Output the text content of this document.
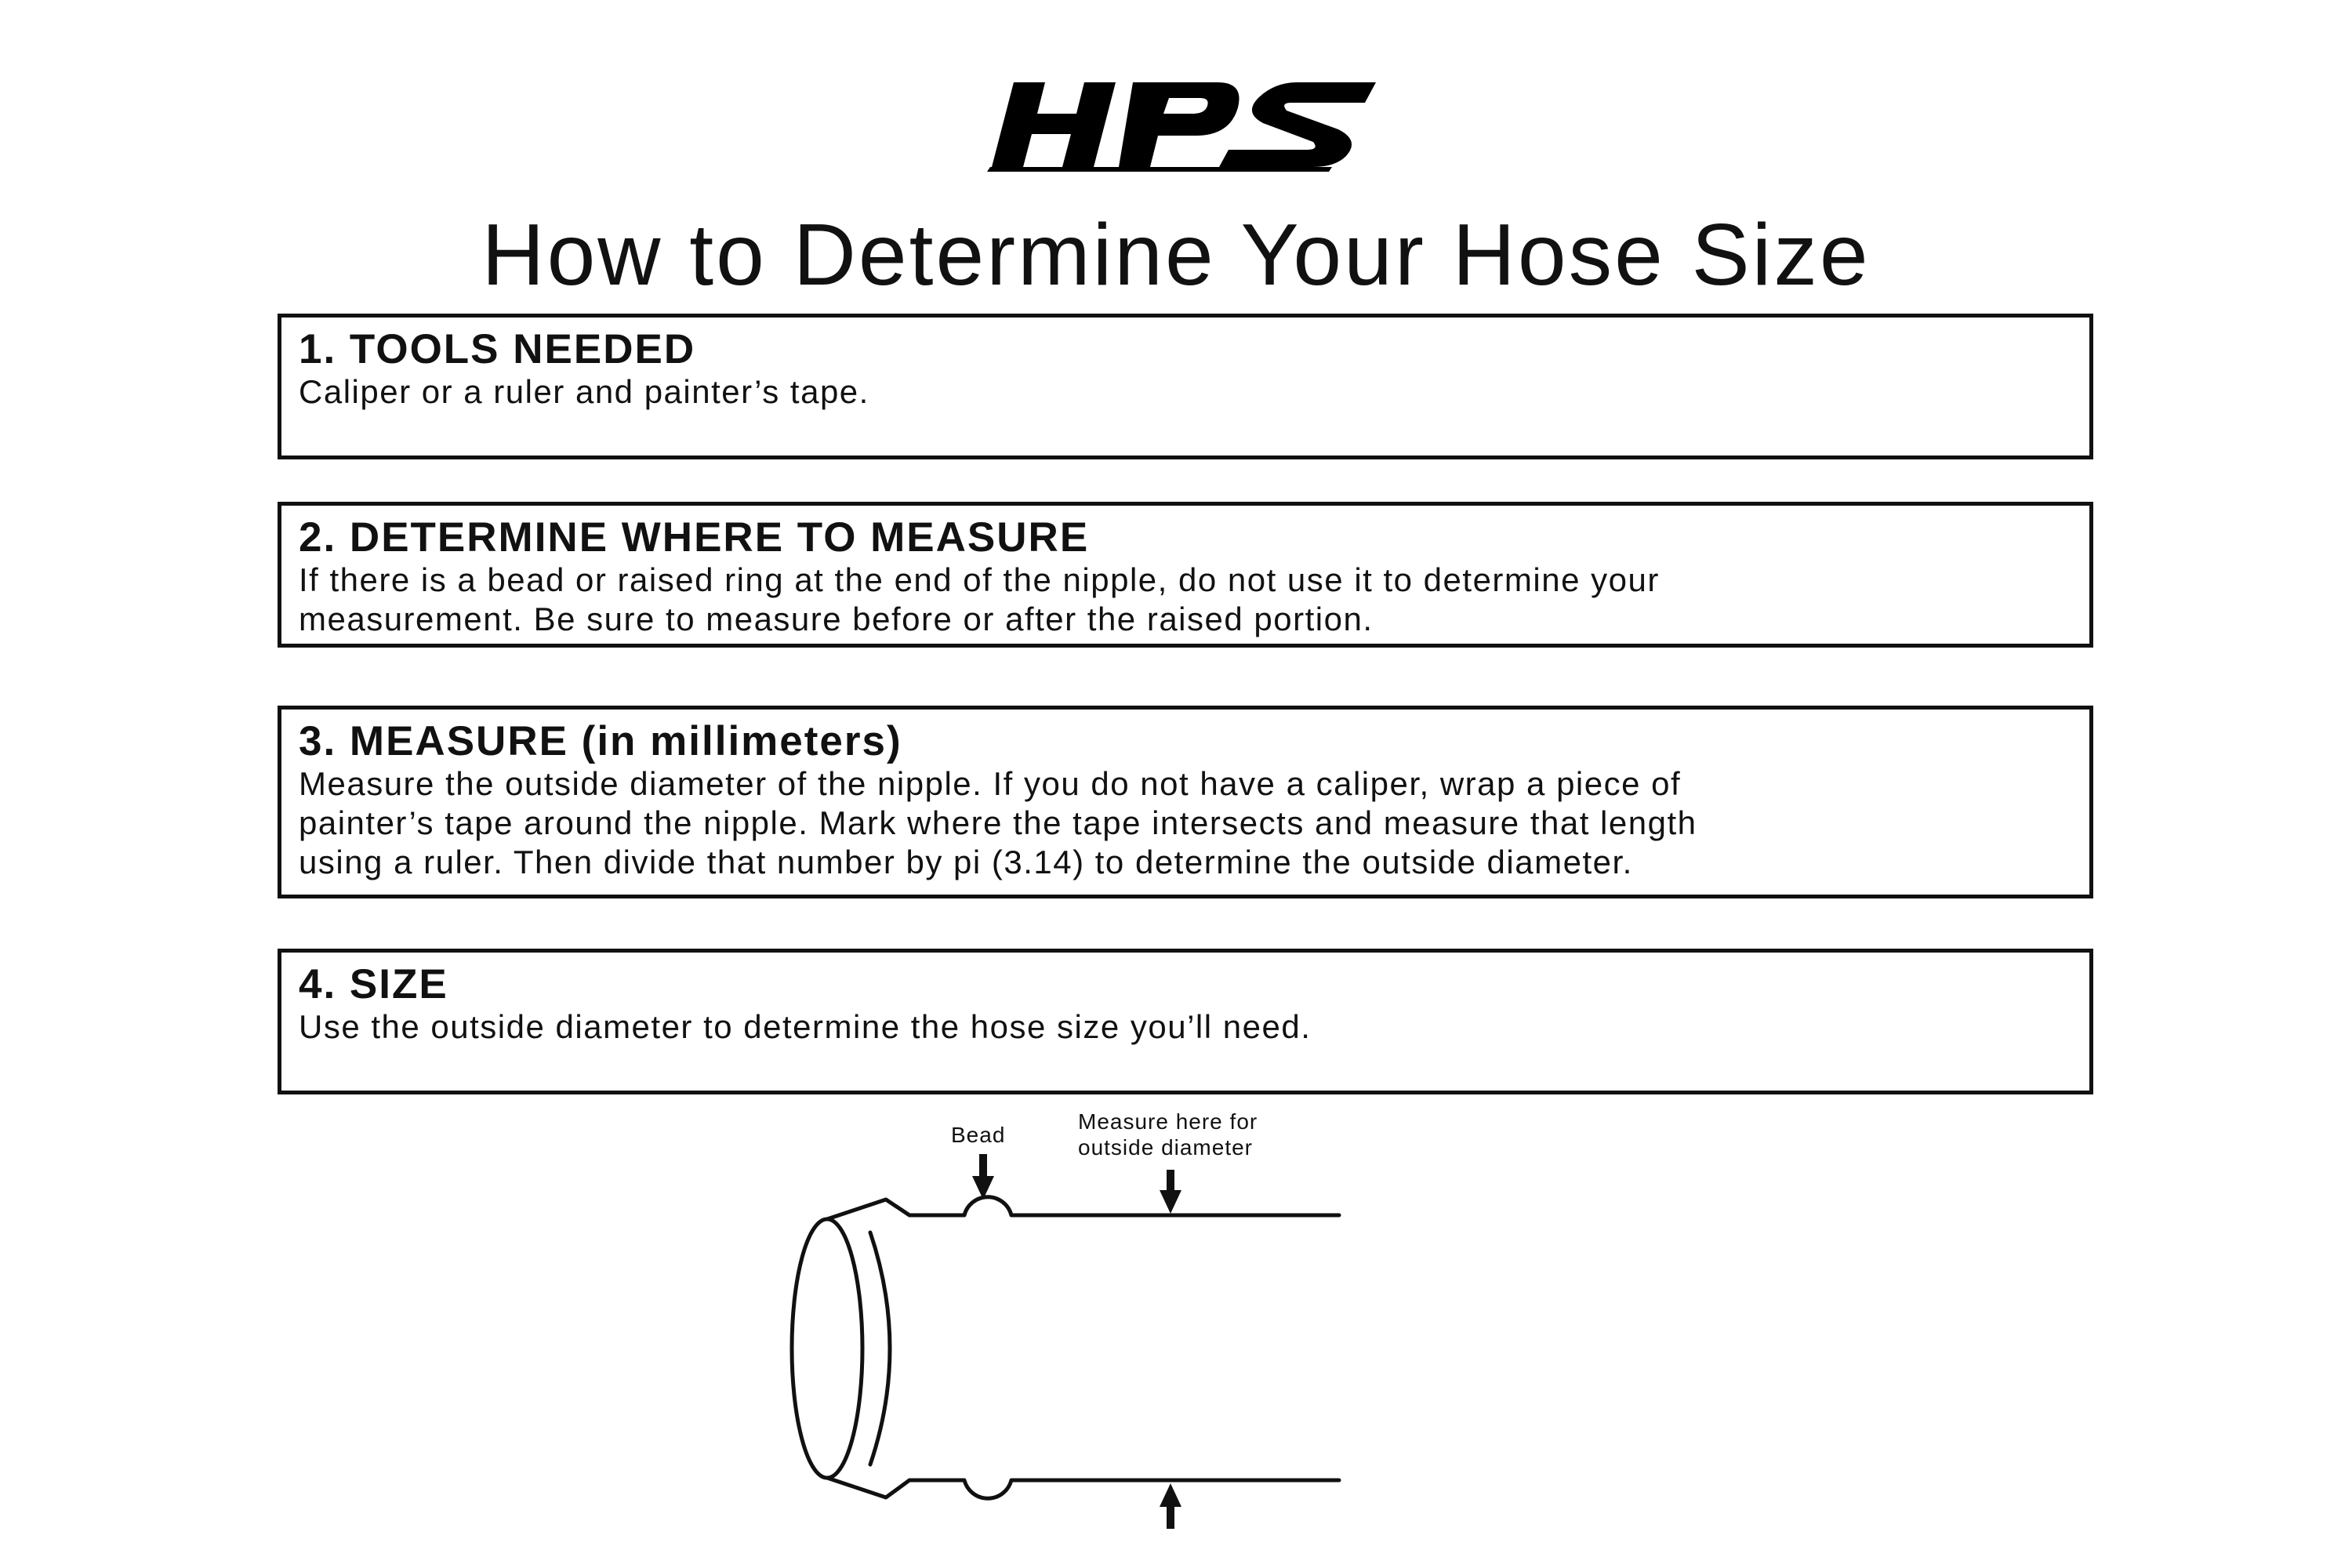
How to Determine Your Hose Size
1. TOOLS NEEDED
Caliper or a ruler and painter’s tape.
2. DETERMINE WHERE TO MEASURE
If there is a bead or raised ring at the end of the nipple, do not use it to determine your
measurement. Be sure to measure before or after the raised portion.
3. MEASURE (in millimeters)
Measure the outside diameter of the nipple. If you do not have a caliper, wrap a piece of
painter’s tape around the nipple. Mark where the tape intersects and measure that length
using a ruler. Then divide that number by pi (3.14) to determine the outside diameter.
4. SIZE
Use the outside diameter to determine the hose size you’ll need.
Bead
Measure here for
outside diameter
